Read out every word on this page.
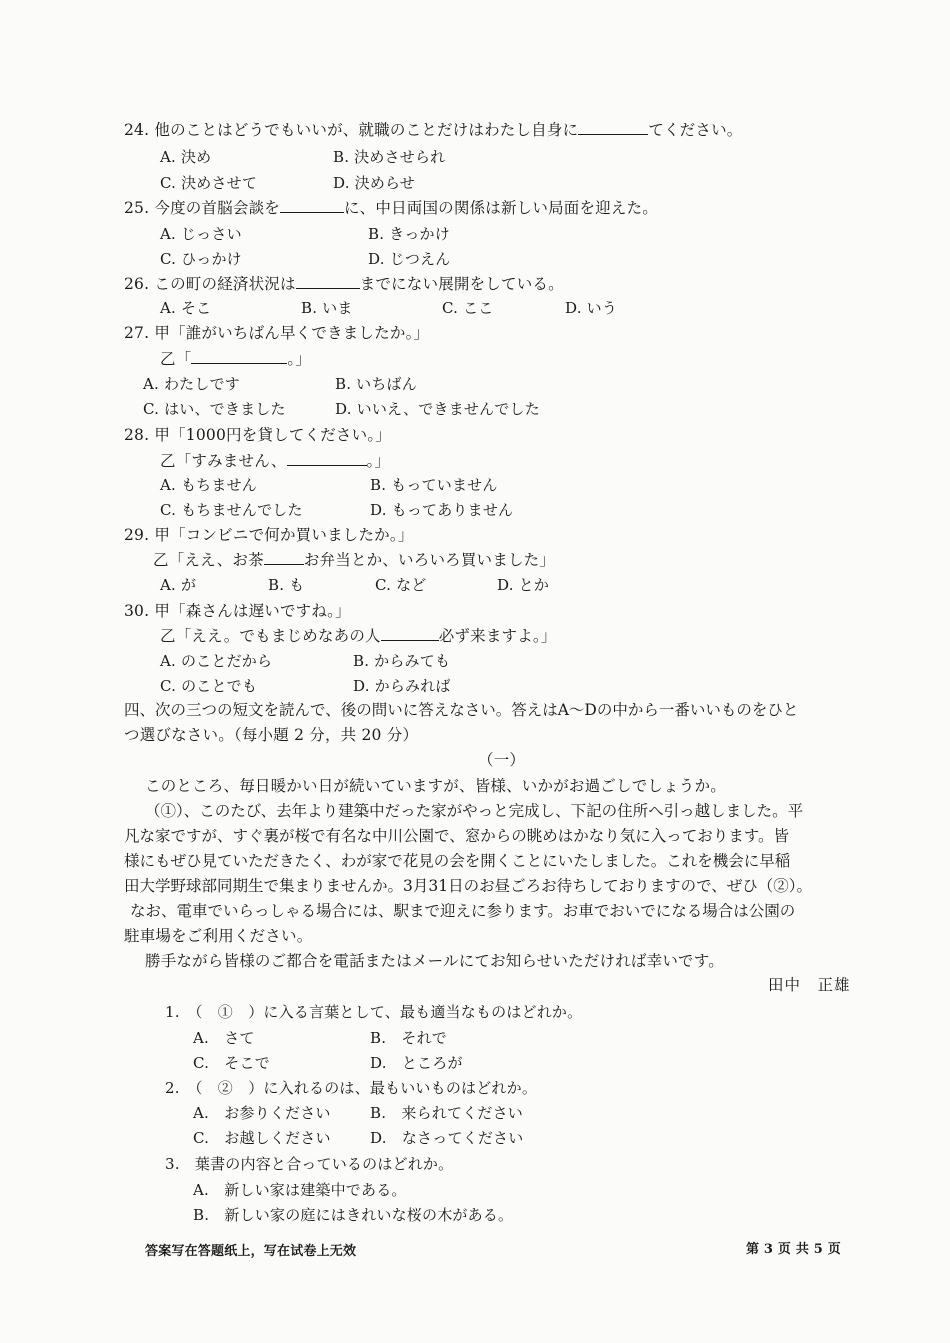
24. 他のことはどうでもいいが、就職のことだけはわたし自身に	てください。
A. 決め	B. 決めさせられ
C. 決めさせて	D. 決めらせ
25. 今度の首脳会談を	に、中日両国の関係は新しい局面を迎えた。
A. じっさい	B. きっかけ
C. ひっかけ	D. じつえん
26. この町の経済状況は	までにない展開をしている。
A. そこ	B. いま	C. ここ	D. いう
27. 甲「誰がいちばん早くできましたか。」
乙「	。」
A. わたしです	B. いちばん
C. はい、できました	D. いいえ、できませんでした
28. 甲「1000円を貸してください。」
乙「すみません、	。」
A. もちません	B. もっていません
C. もちませんでした	D. もってありません
29. 甲「コンビニで何か買いましたか。」
乙「ええ、お茶	お弁当とか、いろいろ買いました」
A. が	B. も	C. など	D. とか
30. 甲「森さんは遅いですね。」
乙「ええ。でもまじめなあの人	必ず来ますよ。」
A. のことだから	B. からみても
C. のことでも	D. からみれば
四、次の三つの短文を読んで、後の問いに答えなさい。答えはA～Dの中から一番いいものをひと
つ選びなさい。（每小題 2 分，共 20 分）
（一）
このところ、毎日暖かい日が続いていますが、皆様、いかがお過ごしでしょうか。
（①）、このたび、去年より建築中だった家がやっと完成し、下記の住所へ引っ越しました。平
凡な家ですが、すぐ裏が桜で有名な中川公園で、窓からの眺めはかなり気に入っております。皆
様にもぜひ見ていただきたく、わが家で花見の会を開くことにいたしました。これを機会に早稲
田大学野球部同期生で集まりませんか。3月31日のお昼ごろお待ちしておりますので、ぜひ（②）。
なお、電車でいらっしゃる場合には、駅まで迎えに参ります。お車でおいでになる場合は公園の
駐車場をご利用ください。
勝手ながら皆様のご都合を電話またはメールにてお知らせいただければ幸いです。
田中　正雄
1.　（　①　）に入る言葉として、最も適当なものはどれか。
A.　さて	B.　それで
C.　そこで	D.　ところが
2.　（　②　）に入れるのは、最もいいものはどれか。
A.　お参りください	B.　来られてください
C.　お越しください	D.　なさってください
3.　葉書の内容と合っているのはどれか。
A.　新しい家は建築中である。
B.　新しい家の庭にはきれいな桜の木がある。
答案写在答题纸上，写在试卷上无效	第 3 页 共 5 页
